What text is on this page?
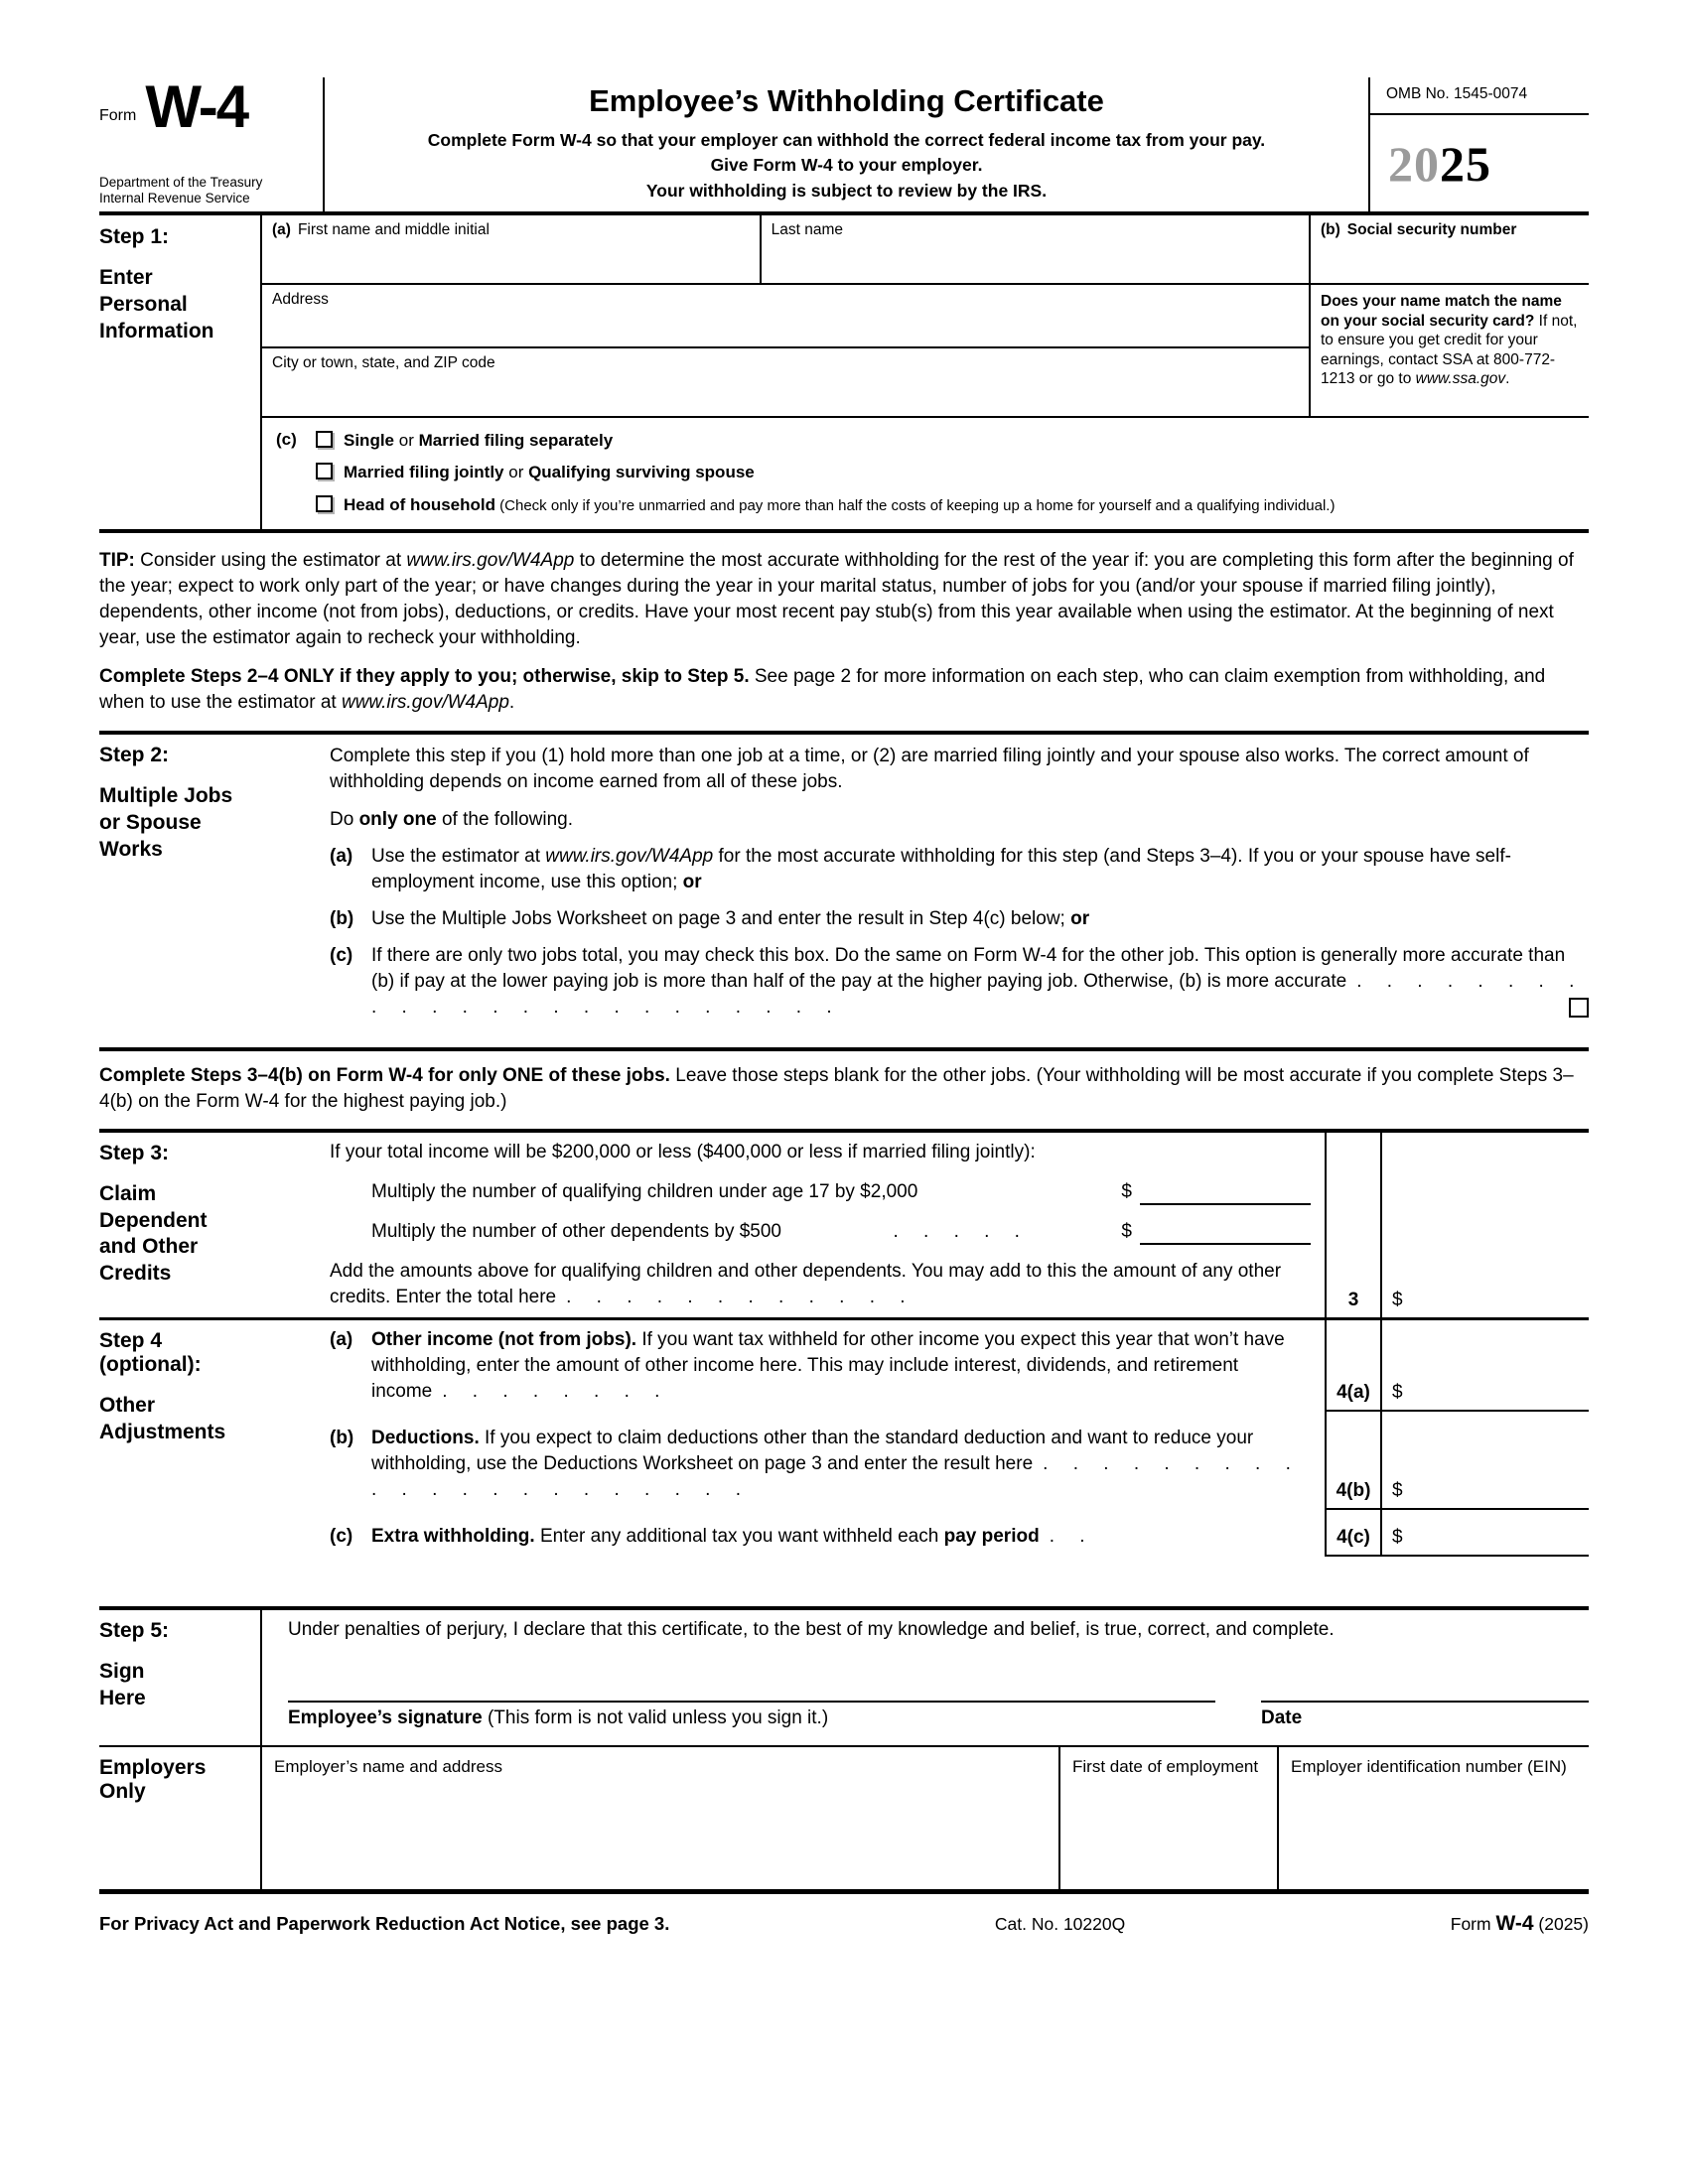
Form W-4
Department of the Treasury
Internal Revenue Service
Employee’s Withholding Certificate
Complete Form W-4 so that your employer can withhold the correct federal income tax from your pay.
Give Form W-4 to your employer.
Your withholding is subject to review by the IRS.
OMB No. 1545-0074
20 25
Step 1:
Enter Personal Information
(a) First name and middle initial	Last name
Address
City or town, state, and ZIP code
(b) Social security number
Does your name match the name on your social security card? If not, to ensure you get credit for your earnings, contact SSA at 800-772-1213 or go to www.ssa.gov.
(c)	Single or Married filing separately
Married filing jointly or Qualifying surviving spouse
Head of household (Check only if you’re unmarried and pay more than half the costs of keeping up a home for yourself and a qualifying individual.)

TIP: Consider using the estimator at www.irs.gov/W4App to determine the most accurate withholding for the rest of the year if: you are completing this form after the beginning of the year; expect to work only part of the year; or have changes during the year in your marital status, number of jobs for you (and/or your spouse if married filing jointly), dependents, other income (not from jobs), deductions, or credits. Have your most recent pay stub(s) from this year available when using the estimator. At the beginning of next year, use the estimator again to recheck your withholding.

Complete Steps 2–4 ONLY if they apply to you; otherwise, skip to Step 5. See page 2 for more information on each step, who can claim exemption from withholding, and when to use the estimator at www.irs.gov/W4App.

Step 2:
Multiple Jobs or Spouse Works

Complete this step if you (1) hold more than one job at a time, or (2) are married filing jointly and your spouse also works. The correct amount of withholding depends on income earned from all of these jobs.

Do only one of the following.

(a) Use the estimator at www.irs.gov/W4App for the most accurate withholding for this step (and Steps 3–4). If you or your spouse have self-employment income, use this option; or
(b) Use the Multiple Jobs Worksheet on page 3 and enter the result in Step 4(c) below; or
(c) If there are only two jobs total, you may check this box. Do the same on Form W-4 for the other job. This option is generally more accurate than (b) if pay at the lower paying job is more than half of the pay at the higher paying job. Otherwise, (b) is more accurate . . . . . . . . . . . . . . . . . . . . . . . .

Complete Steps 3–4(b) on Form W-4 for only ONE of these jobs. Leave those steps blank for the other jobs. (Your withholding will be most accurate if you complete Steps 3–4(b) on the Form W-4 for the highest paying job.)

Step 3:
Claim Dependent and Other Credits
If your total income will be $200,000 or less ($400,000 or less if married filing jointly):
Multiply the number of qualifying children under age 17 by $2,000	$
Multiply the number of other dependents by $500	. . . . .	$
Add the amounts above for qualifying children and other dependents. You may add to this the amount of any other credits. Enter the total here . . . . . . . . . . . .	3	$
Step 4 (optional):
Other Adjustments
(a) Other income (not from jobs). If you want tax withheld for other income you expect this year that won’t have withholding, enter the amount of other income here. This may include interest, dividends, and retirement income . . . . . . . .	4(a)	$
(b) Deductions. If you expect to claim deductions other than the standard deduction and want to reduce your withholding, use the Deductions Worksheet on page 3 and enter the result here . . . . . . . . . . . . . . . . . . . . . .	4(b)	$
(c) Extra withholding. Enter any additional tax you want withheld each pay period . .	4(c)	$
Step 5:
Sign Here
Under penalties of perjury, I declare that this certificate, to the best of my knowledge and belief, is true, correct, and complete.
Employee’s signature (This form is not valid unless you sign it.)	Date
Employers Only
Employer’s name and address	First date of employment	Employer identification number (EIN)
For Privacy Act and Paperwork Reduction Act Notice, see page 3.	Cat. No. 10220Q	Form W-4 (2025)
